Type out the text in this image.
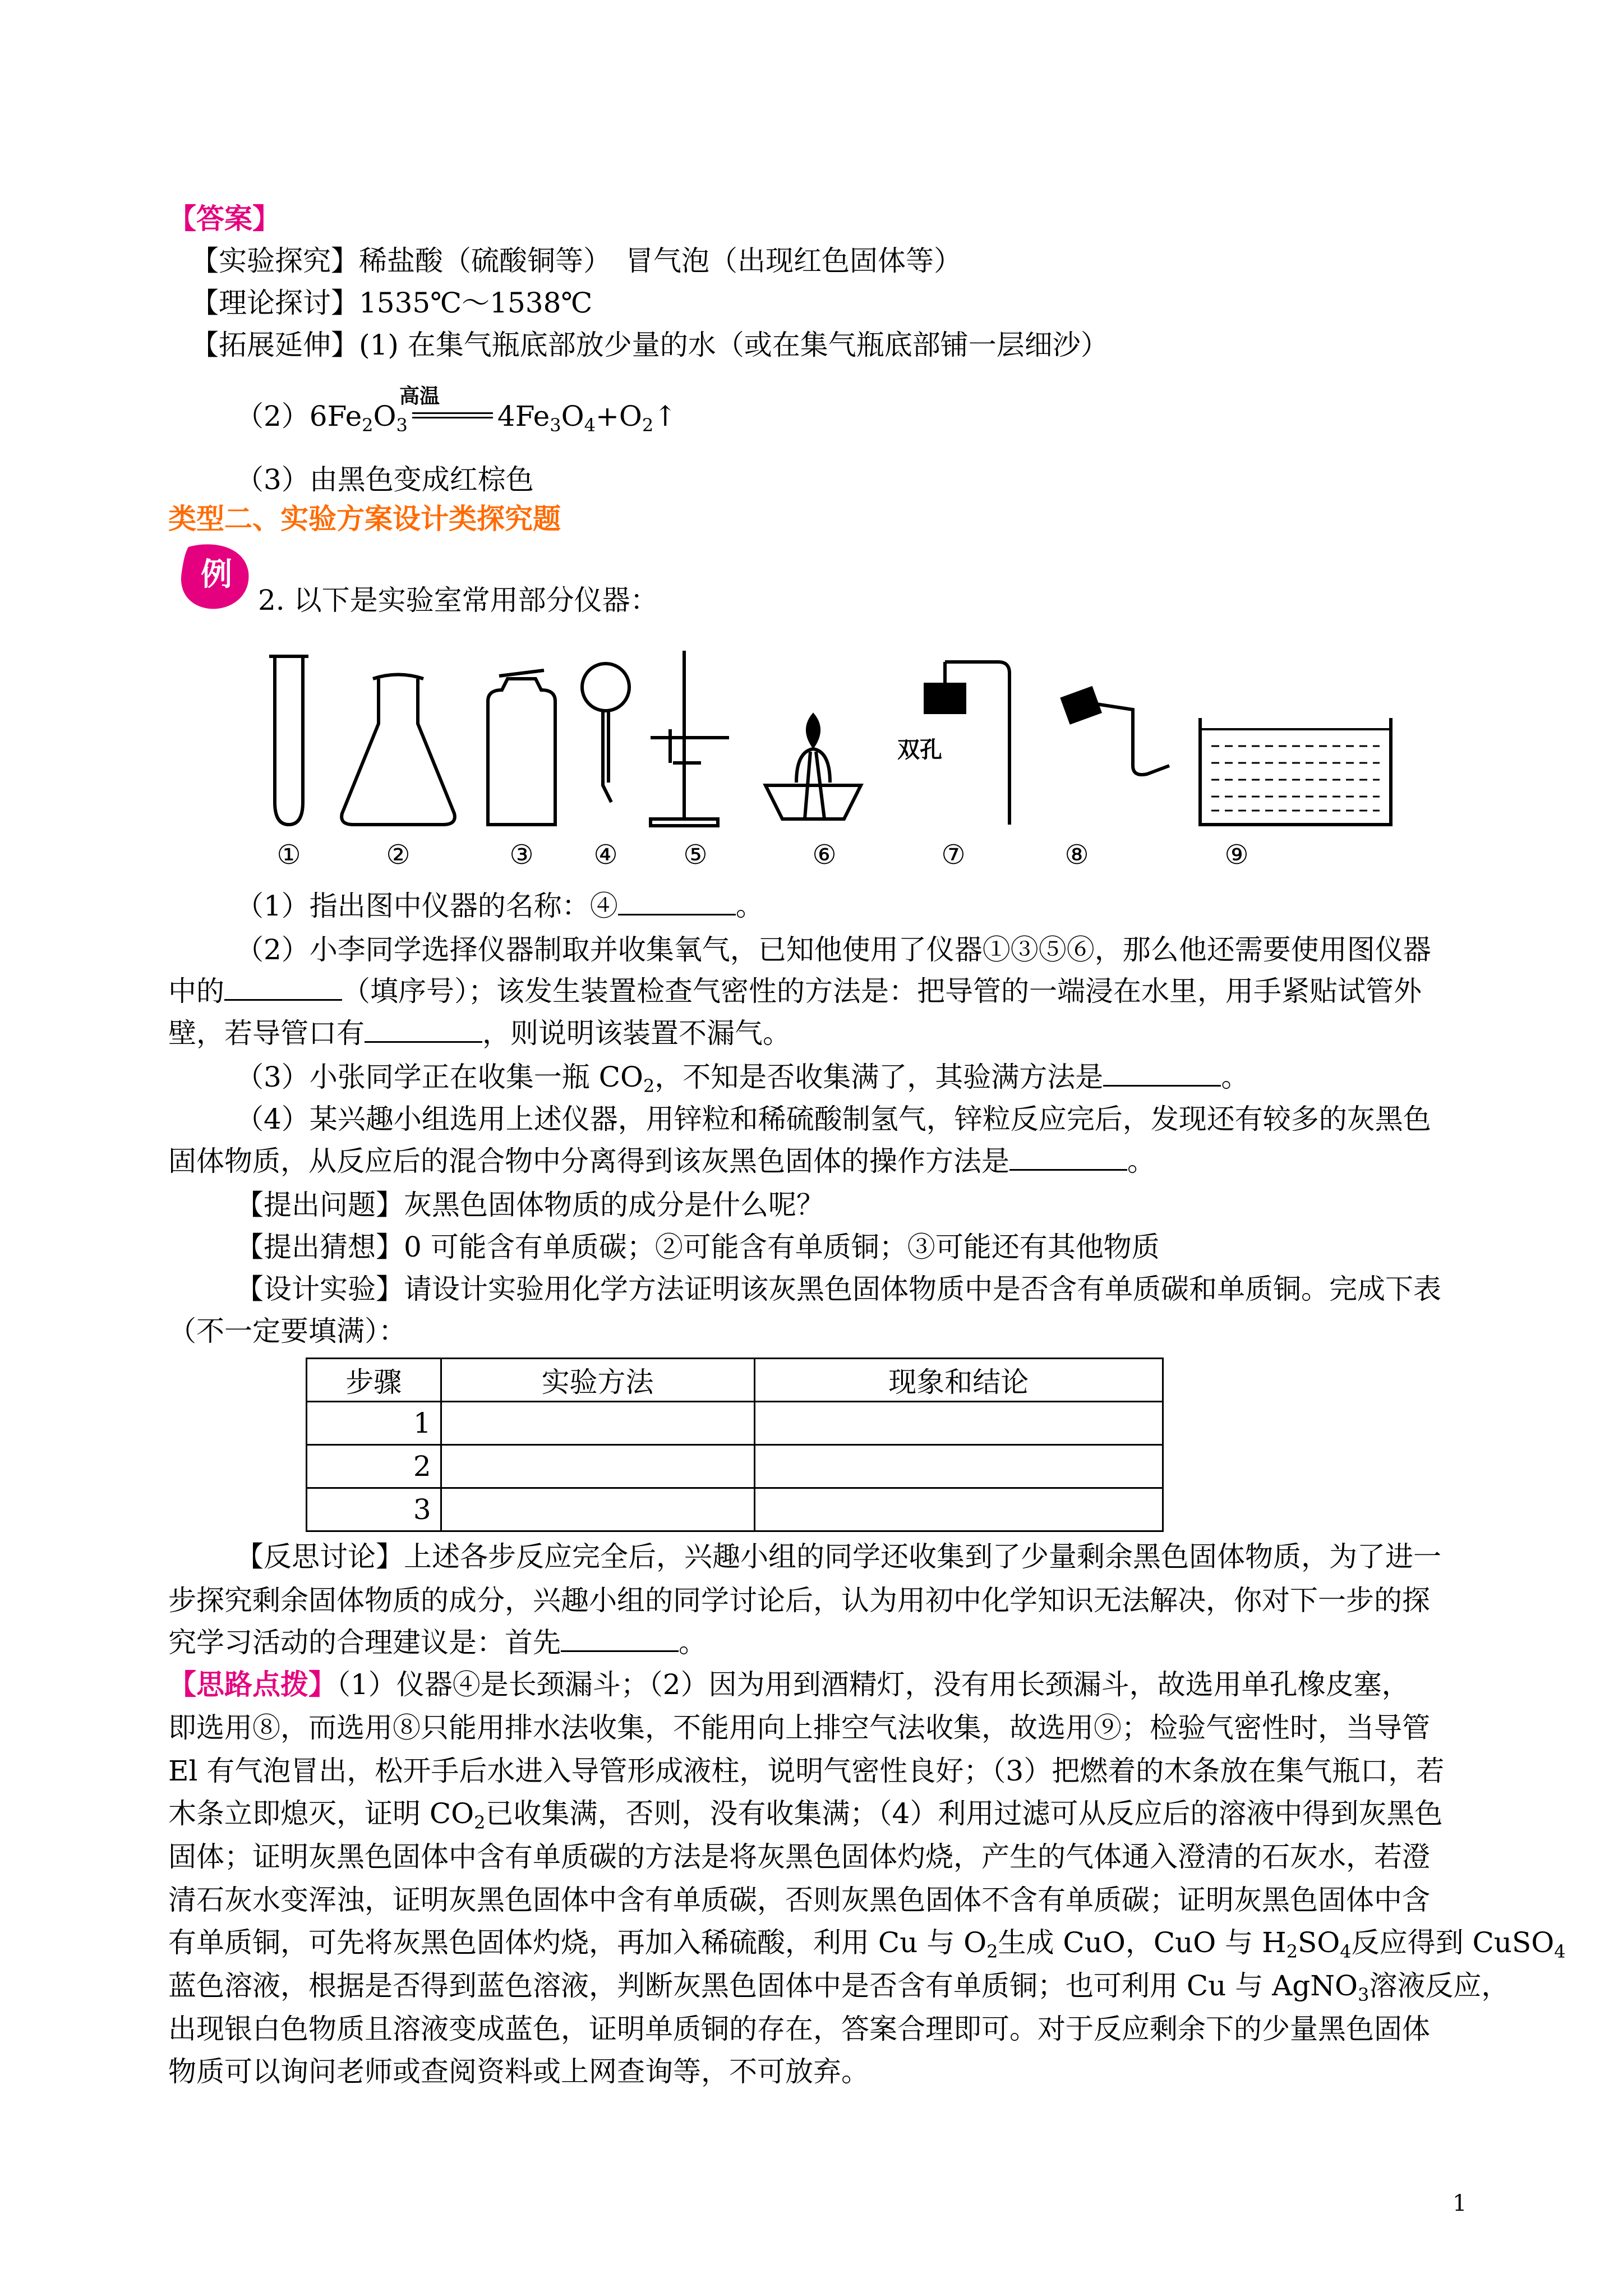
【答案】
【实验探究】稀盐酸（硫酸铜等）　冒气泡（出现红色固体等）
【理论探讨】1535℃～1538℃
【拓展延伸】(1) 在集气瓶底部放少量的水（或在集气瓶底部铺一层细沙）
$(2)6Fe_2O_3$	$4Fe_3O_4+O_2↑$
高温
（3）由黑色变成红棕色
类型二、实验方案设计类探究题
例
2. 以下是实验室常用部分仪器：
双孔
①	②	③ ④ ⑤	⑥	⑦	⑧	⑨
（1）指出图中仪器的名称：④	。
（2）小李同学选择仪器制取并收集氧气，已知他使用了仪器①③⑤⑥，那么他还需要使用图仪器
中的	（填序号）；该发生装置检查气密性的方法是：把导管的一端浸在水里，用手紧贴试管外
壁，若导管口有	，则说明该装置不漏气。
（3）小张同学正在收集一瓶 $CO_2$，不知是否收集满了，其验满方法是	。
（4）某兴趣小组选用上述仪器，用锌粒和稀硫酸制氢气，锌粒反应完后，发现还有较多的灰黑色
固体物质，从反应后的混合物中分离得到该灰黑色固体的操作方法是	。
【提出问题】灰黑色固体物质的成分是什么呢？
【提出猜想】0 可能含有单质碳；②可能含有单质铜；③可能还有其他物质
【设计实验】请设计实验用化学方法证明该灰黑色固体物质中是否含有单质碳和单质铜。完成下表
（不一定要填满）：
步骤	实验方法	现象和结论
1		
2		
3		
【反思讨论】上述各步反应完全后，兴趣小组的同学还收集到了少量剩余黑色固体物质，为了进一
步探究剩余固体物质的成分，兴趣小组的同学讨论后，认为用初中化学知识无法解决，你对下一步的探
究学习活动的合理建议是：首先	。
【思路点拨】（1）仪器④是长颈漏斗；（2）因为用到酒精灯，没有用长颈漏斗，故选用单孔橡皮塞，
即选用⑧，而选用⑧只能用排水法收集，不能用向上排空气法收集，故选用⑨；检验气密性时，当导管
El 有气泡冒出，松开手后水进入导管形成液柱，说明气密性良好；（3）把燃着的木条放在集气瓶口，若
木条立即熄灭，证明 $CO_2$已收集满，否则，没有收集满；（4）利用过滤可从反应后的溶液中得到灰黑色
固体；证明灰黑色固体中含有单质碳的方法是将灰黑色固体灼烧，产生的气体通入澄清的石灰水，若澄
清石灰水变浑浊，证明灰黑色固体中含有单质碳，否则灰黑色固体不含有单质碳；证明灰黑色固体中含
有单质铜，可先将灰黑色固体灼烧，再加入稀硫酸，利用 Cu 与 $O_2$生成 CuO，CuO 与 $H_2SO_4$反应得到 CuSO$_4$
蓝色溶液，根据是否得到蓝色溶液，判断灰黑色固体中是否含有单质铜；也可利用 Cu 与 AgNO$_3$溶液反应，
出现银白色物质且溶液变成蓝色，证明单质铜的存在，答案合理即可。对于反应剩余下的少量黑色固体
物质可以询问老师或查阅资料或上网查询等，不可放弃。
1
